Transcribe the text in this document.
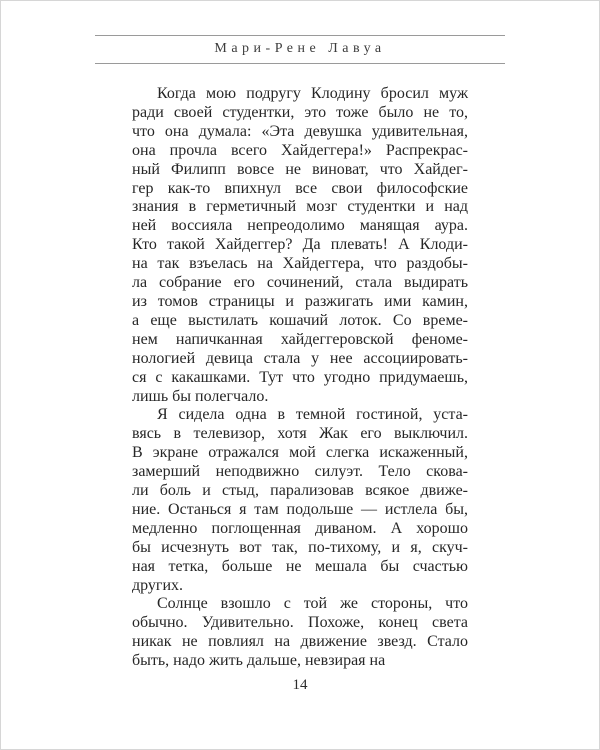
Мари-Рене Лавуа
Когда мою подругу Клодину бросил муж
ради своей студентки, это тоже было не то,
что она думала: «Эта девушка удивительная,
она прочла всего Хайдеггера!» Распрекрас-
ный Филипп вовсе не виноват, что Хайдег-
гер как-то впихнул все свои философские
знания в герметичный мозг студентки и над
ней воссияла непреодолимо манящая аура.
Кто такой Хайдеггер? Да плевать! А Клоди-
на так взъелась на Хайдеггера, что раздобы-
ла собрание его сочинений, стала выдирать
из томов страницы и разжигать ими камин,
а еще выстилать кошачий лоток. Со време-
нем напичканная хайдеггеровской феноме-
нологией девица стала у нее ассоциировать-
ся с какашками. Тут что угодно придумаешь,
лишь бы полегчало.
Я сидела одна в темной гостиной, уста-
вясь в телевизор, хотя Жак его выключил.
В экране отражался мой слегка искаженный,
замерший неподвижно силуэт. Тело скова-
ли боль и стыд, парализовав всякое движе-
ние. Останься я там подольше — истлела бы,
медленно поглощенная диваном. А хорошо
бы исчезнуть вот так, по-тихому, и я, скуч-
ная тетка, больше не мешала бы счастью
других.
Солнце взошло с той же стороны, что
обычно. Удивительно. Похоже, конец света
никак не повлиял на движение звезд. Стало
быть, надо жить дальше, невзирая на
14
